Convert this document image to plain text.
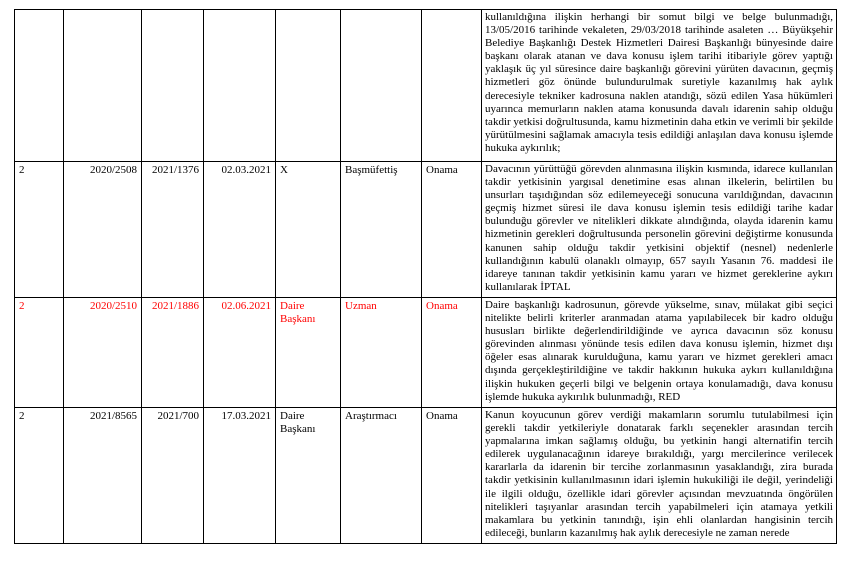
							kullanıldığına ilişkin herhangi bir somut bilgi ve belge bulunmadığı, 13/05/2016 tarihinde vekaleten, 29/03/2018 tarihinde asaleten … Büyükşehir Belediye Başkanlığı Destek Hizmetleri Dairesi Başkanlığı bünyesinde daire başkanı olarak atanan ve dava konusu işlem tarihi itibariyle görev yaptığı yaklaşık üç yıl süresince daire başkanlığı görevini yürüten davacının, geçmiş hizmetleri göz önünde bulundurulmak suretiyle kazanılmış hak aylık derecesiyle tekniker kadrosuna naklen atandığı, sözü edilen Yasa hükümleri uyarınca memurların naklen atama konusunda davalı idarenin sahip olduğu takdir yetkisi doğrultusunda, kamu hizmetinin daha etkin ve verimli bir şekilde yürütülmesini sağlamak amacıyla tesis edildiği anlaşılan dava konusu işlemde hukuka aykırılık;
2	2020/2508	2021/1376	02.03.2021	X	Başmüfettiş	Onama	Davacının yürüttüğü görevden alınmasına ilişkin kısmında, idarece kullanılan takdir yetkisinin yargısal denetimine esas alınan ilkelerin, belirtilen bu unsurları taşıdığından söz edilemeyeceği sonucuna varıldığından, davacının geçmiş hizmet süresi ile dava konusu işlemin tesis edildiği tarihe kadar bulunduğu görevler ve nitelikleri dikkate alındığında, olayda idarenin kamu hizmetinin gerekleri doğrultusunda personelin görevini değiştirme konusunda kanunen sahip olduğu takdir yetkisini objektif (nesnel) nedenlerle kullandığının kabulü olanaklı olmayıp, 657 sayılı Yasanın 76. maddesi ile idareye tanınan takdir yetkisinin kamu yararı ve hizmet gereklerine aykırı kullanılarak İPTAL
2	2020/2510	2021/1886	02.06.2021	Daire Başkanı	Uzman	Onama	Daire başkanlığı kadrosunun, görevde yükselme, sınav, mülakat gibi seçici nitelikte belirli kriterler aranmadan atama yapılabilecek bir kadro olduğu hususları birlikte değerlendirildiğinde ve ayrıca davacının söz konusu görevinden alınması yönünde tesis edilen dava konusu işlemin, hizmet dışı öğeler esas alınarak kurulduğuna, kamu yararı ve hizmet gerekleri amacı dışında gerçekleştirildiğine ve takdir hakkının hukuka aykırı kullanıldığına ilişkin hukuken geçerli bilgi ve belgenin ortaya konulamadığı, dava konusu işlemde hukuka aykırılık bulunmadığı, RED
2	2021/8565	2021/700	17.03.2021	Daire Başkanı	Araştırmacı	Onama	Kanun koyucunun görev verdiği makamların sorumlu tutulabilmesi için gerekli takdir yetkileriyle donatarak farklı seçenekler arasından tercih yapmalarına imkan sağlamış olduğu, bu yetkinin hangi alternatifin tercih edilerek uygulanacağının idareye bırakıldığı, yargı mercilerince verilecek kararlarla da idarenin bir tercihe zorlanmasının yasaklandığı, zira burada takdir yetkisinin kullanılmasının idari işlemin hukukiliği ile değil, yerindeliği ile ilgili olduğu, özellikle idari görevler açısından mevzuatında öngörülen nitelikleri taşıyanlar arasından tercih yapabilmeleri için atamaya yetkili makamlara bu yetkinin tanındığı, işin ehli olanlardan hangisinin tercih edileceği, bunların kazanılmış hak aylık derecesiyle ne zaman nerede
